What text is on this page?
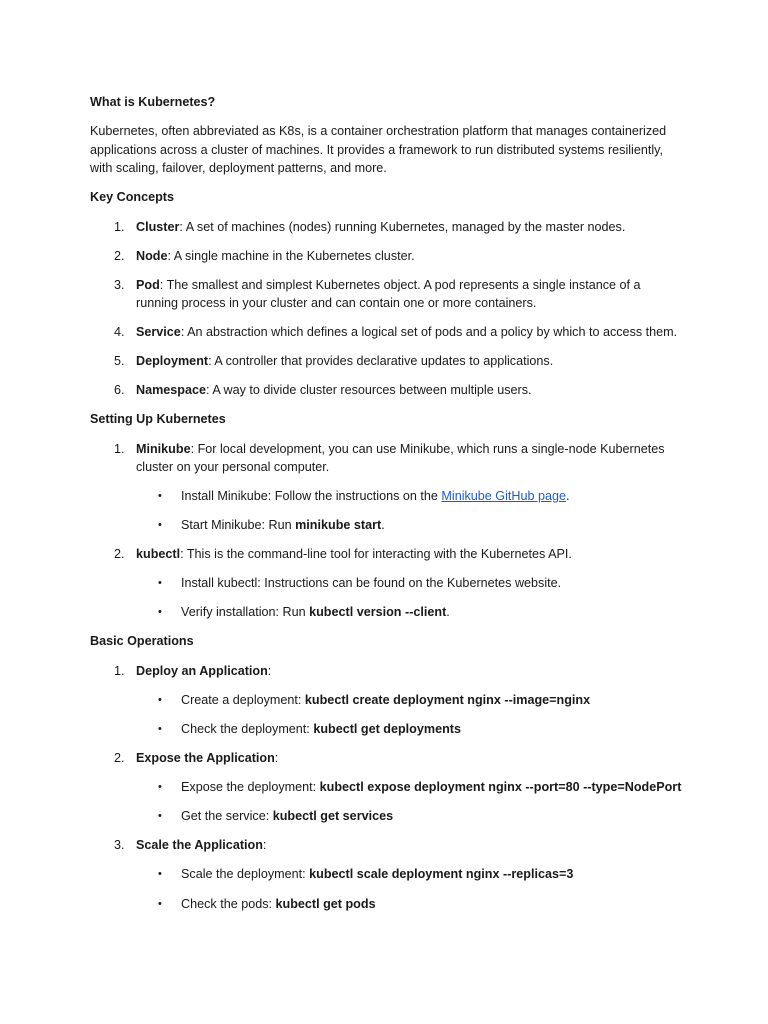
What is Kubernetes?
Kubernetes, often abbreviated as K8s, is a container orchestration platform that manages containerized
applications across a cluster of machines. It provides a framework to run distributed systems resiliently,
with scaling, failover, deployment patterns, and more.
Key Concepts
1. Cluster: A set of machines (nodes) running Kubernetes, managed by the master nodes.
2. Node: A single machine in the Kubernetes cluster.
3. Pod: The smallest and simplest Kubernetes object. A pod represents a single instance of a
running process in your cluster and can contain one or more containers.
4. Service: An abstraction which defines a logical set of pods and a policy by which to access them.
5. Deployment: A controller that provides declarative updates to applications.
6. Namespace: A way to divide cluster resources between multiple users.
Setting Up Kubernetes
1. Minikube: For local development, you can use Minikube, which runs a single-node Kubernetes
cluster on your personal computer.
• Install Minikube: Follow the instructions on the Minikube GitHub page.
• Start Minikube: Run minikube start.
2. kubectl: This is the command-line tool for interacting with the Kubernetes API.
• Install kubectl: Instructions can be found on the Kubernetes website.
• Verify installation: Run kubectl version --client.
Basic Operations
1. Deploy an Application:
• Create a deployment: kubectl create deployment nginx --image=nginx
• Check the deployment: kubectl get deployments
2. Expose the Application:
• Expose the deployment: kubectl expose deployment nginx --port=80 --type=NodePort
• Get the service: kubectl get services
3. Scale the Application:
• Scale the deployment: kubectl scale deployment nginx --replicas=3
• Check the pods: kubectl get pods
